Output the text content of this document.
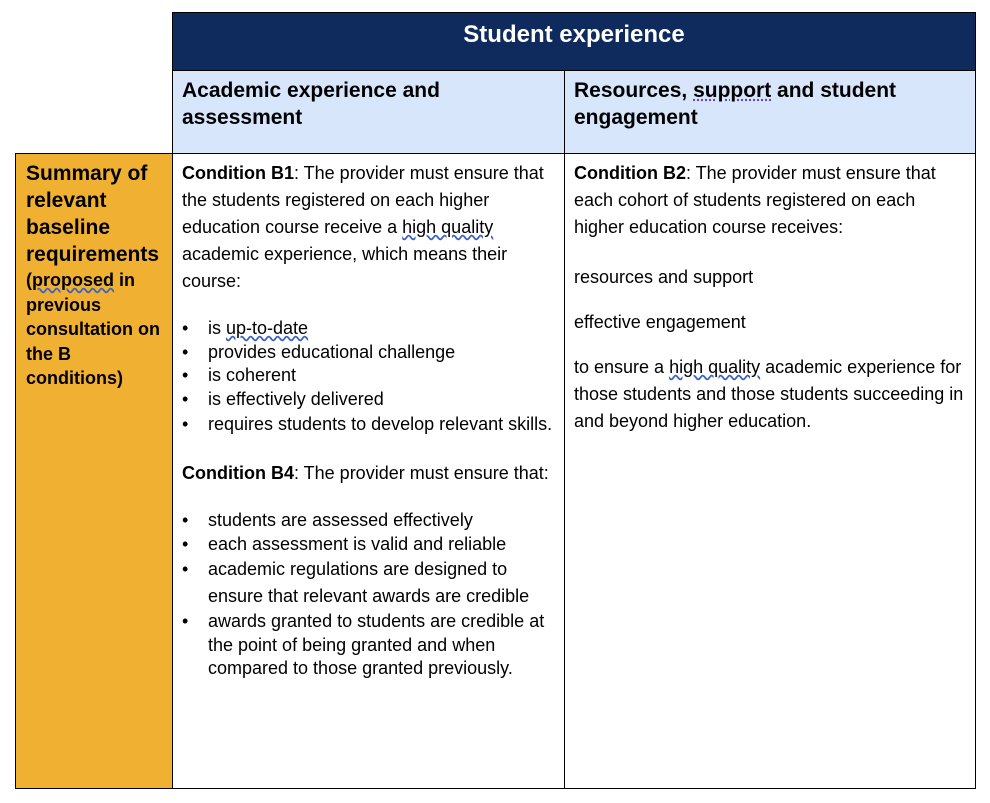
Student experience
Academic experience and assessment
Resources, support and student engagement
Summary of relevant baseline requirements
(proposed in previous consultation on the B conditions)

Condition B1: The provider must ensure that the students registered on each higher education course receive a high quality academic experience, which means their course:

• is up-to-date
• provides educational challenge
• is coherent
• is effectively delivered
• requires students to develop relevant skills.

Condition B4: The provider must ensure that:

• students are assessed effectively
• each assessment is valid and reliable
• academic regulations are designed to ensure that relevant awards are credible
• awards granted to students are credible at the point of being granted and when compared to those granted previously.

Condition B2: The provider must ensure that each cohort of students registered on each higher education course receives:

resources and support

effective engagement

to ensure a high quality academic experience for those students and those students succeeding in and beyond higher education.
